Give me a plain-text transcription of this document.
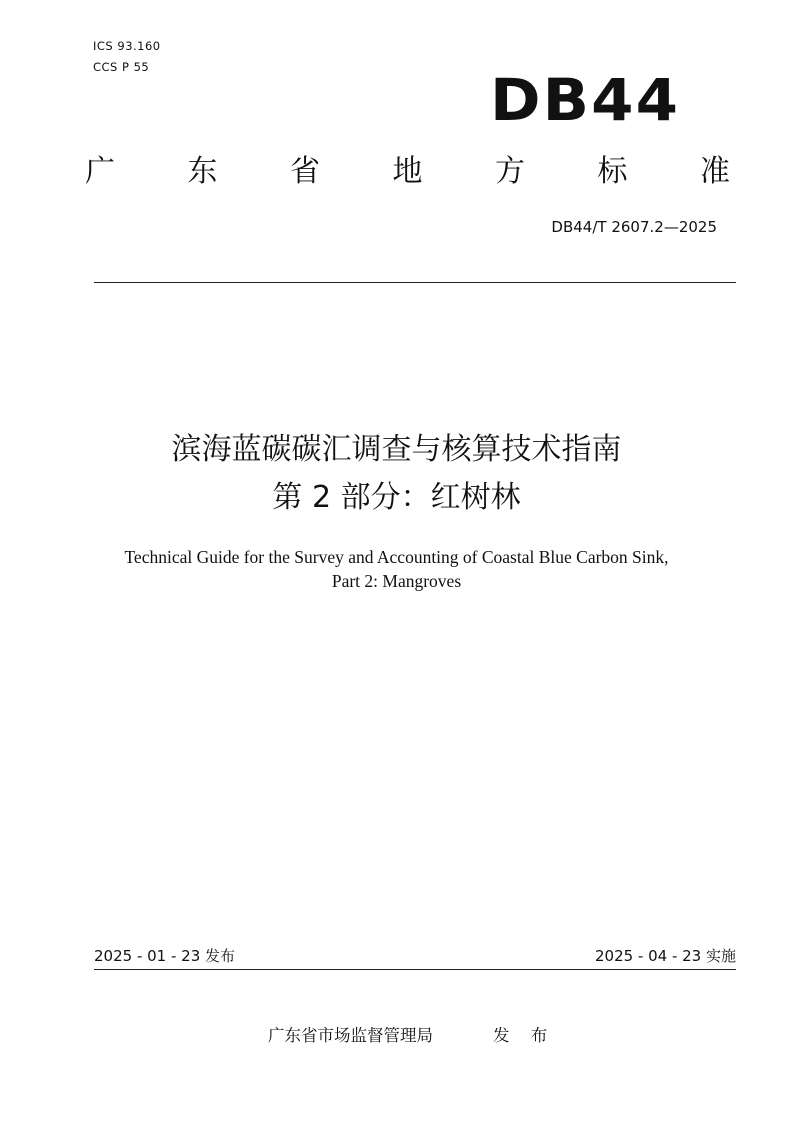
ICS 93.160
CCS P 55	DB44
广 东 省 地 方 标 准
DB44/T 2607.2—2025
滨海蓝碳碳汇调查与核算技术指南
第 2 部分：红树林
Technical Guide for the Survey and Accounting of Coastal Blue Carbon Sink,
Part 2: Mangroves
2025 - 01 - 23 发布	2025 - 04 - 23 实施
广东省市场监督管理局	发 布
